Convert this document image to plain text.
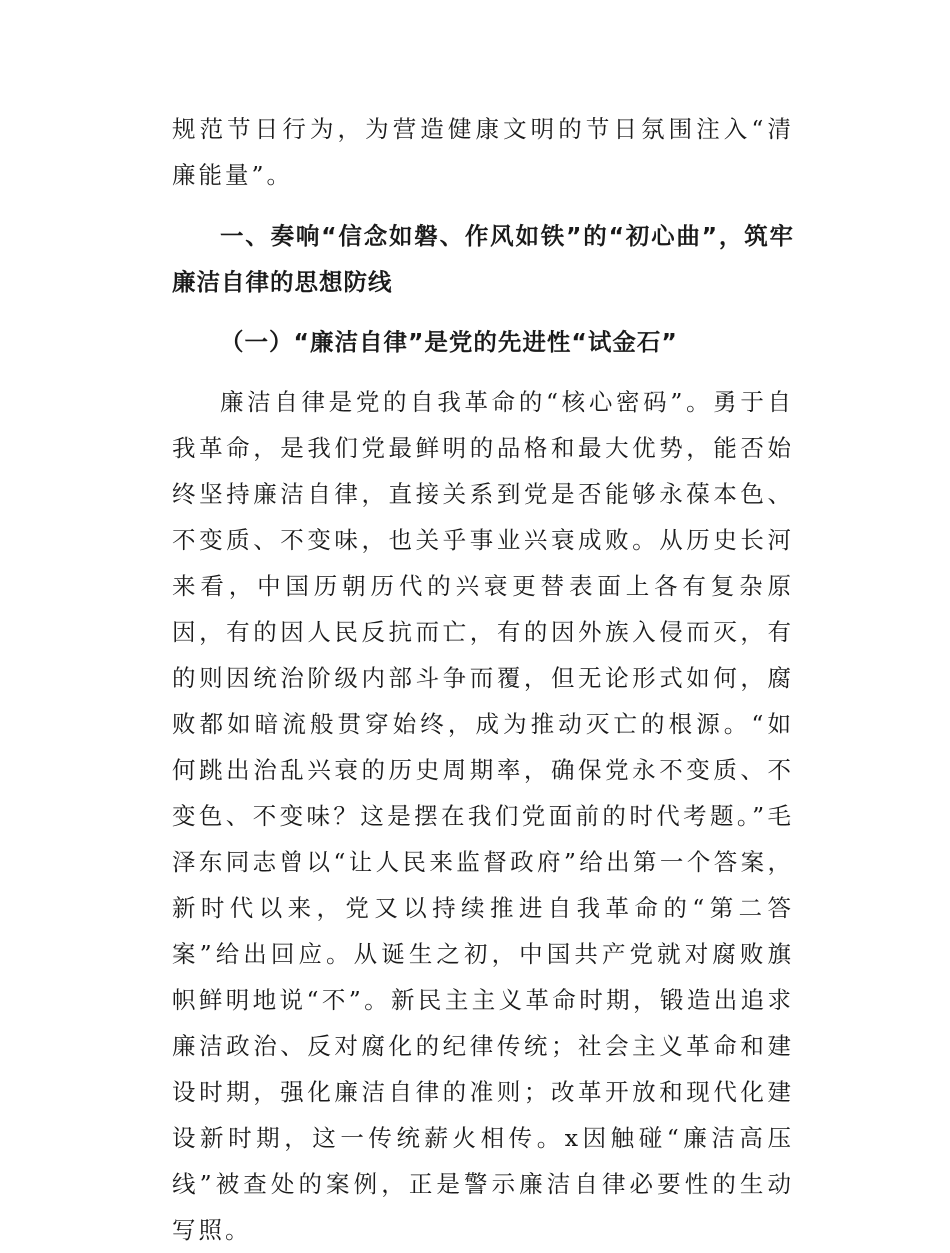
规范节日行为，为营造健康文明的节日氛围注入“清廉能量”。

一、奏响“信念如磐、作风如铁”的“初心曲”，筑牢廉洁自律的思想防线

（一）“廉洁自律”是党的先进性“试金石”

廉洁自律是党的自我革命的“核心密码”。勇于自我革命，是我们党最鲜明的品格和最大优势，能否始终坚持廉洁自律，直接关系到党是否能够永葆本色、不变质、不变味，也关乎事业兴衰成败。从历史长河来看，中国历朝历代的兴衰更替表面上各有复杂原因，有的因人民反抗而亡，有的因外族入侵而灭，有的则因统治阶级内部斗争而覆，但无论形式如何，腐败都如暗流般贯穿始终，成为推动灭亡的根源。“如何跳出治乱兴衰的历史周期率，确保党永不变质、不变色、不变味？这是摆在我们党面前的时代考题。”毛泽东同志曾以“让人民来监督政府”给出第一个答案，新时代以来，党又以持续推进自我革命的“第二答案”给出回应。从诞生之初，中国共产党就对腐败旗帜鲜明地说“不”。新民主主义革命时期，锻造出追求廉洁政治、反对腐化的纪律传统；社会主义革命和建设时期，强化廉洁自律的准则；改革开放和现代化建设新时期，这一传统薪火相传。x因触碰“廉洁高压线”被查处的案例，正是警示廉洁自律必要性的生动写照。
